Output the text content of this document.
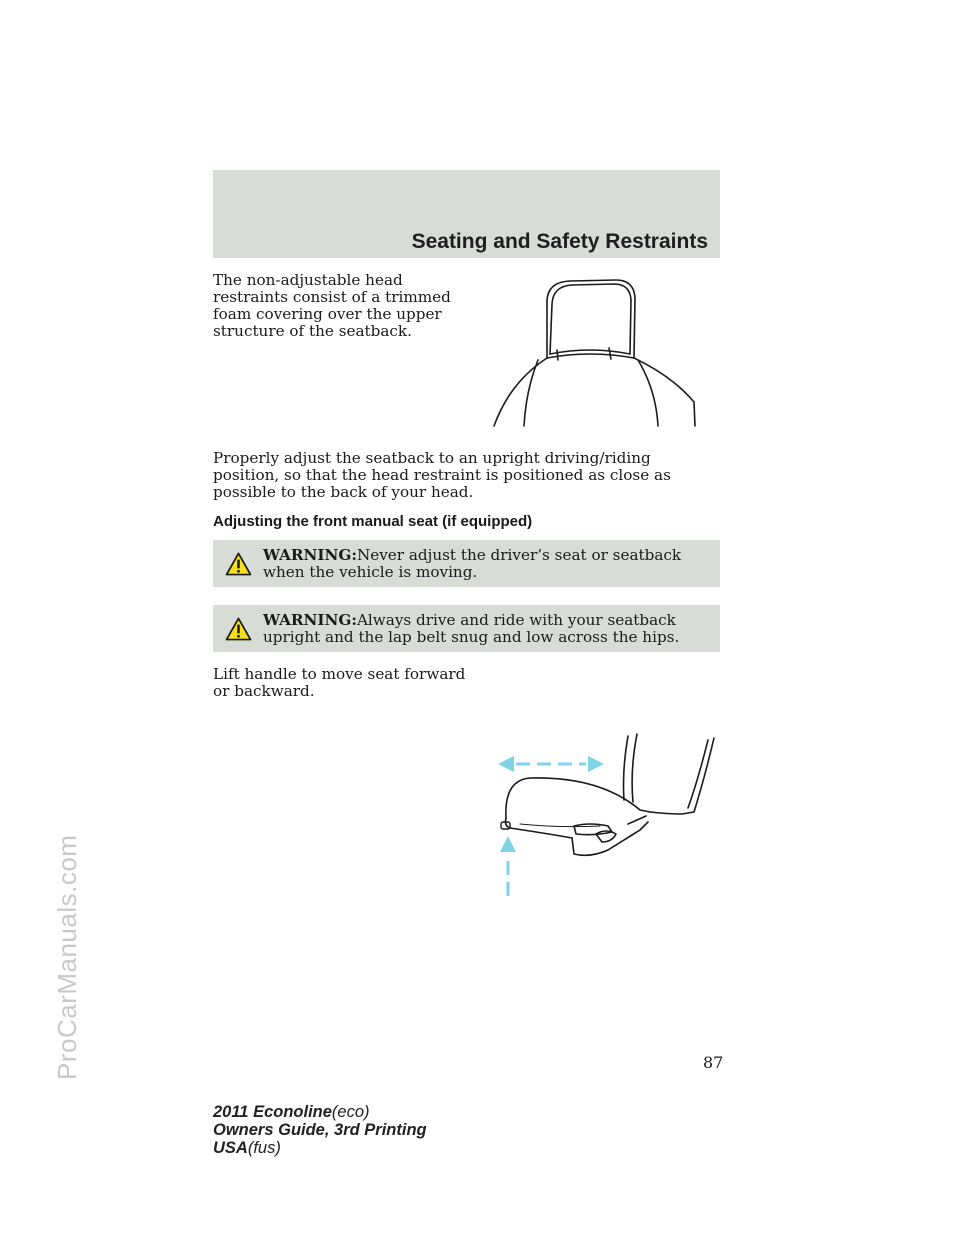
ProCarManuals.com
Seating and Safety Restraints

The non-adjustable head restraints consist of a trimmed foam covering over the upper structure of the seatback.

Properly adjust the seatback to an upright driving/riding position, so that the head restraint is positioned as close as possible to the back of your head.

Adjusting the front manual seat (if equipped)

WARNING:Never adjust the driver’s seat or seatback when the vehicle is moving.

WARNING:Always drive and ride with your seatback upright and the lap belt snug and low across the hips.

Lift handle to move seat forward or backward.

87
2011 Econoline(eco)
Owners Guide, 3rd Printing
USA(fus)
